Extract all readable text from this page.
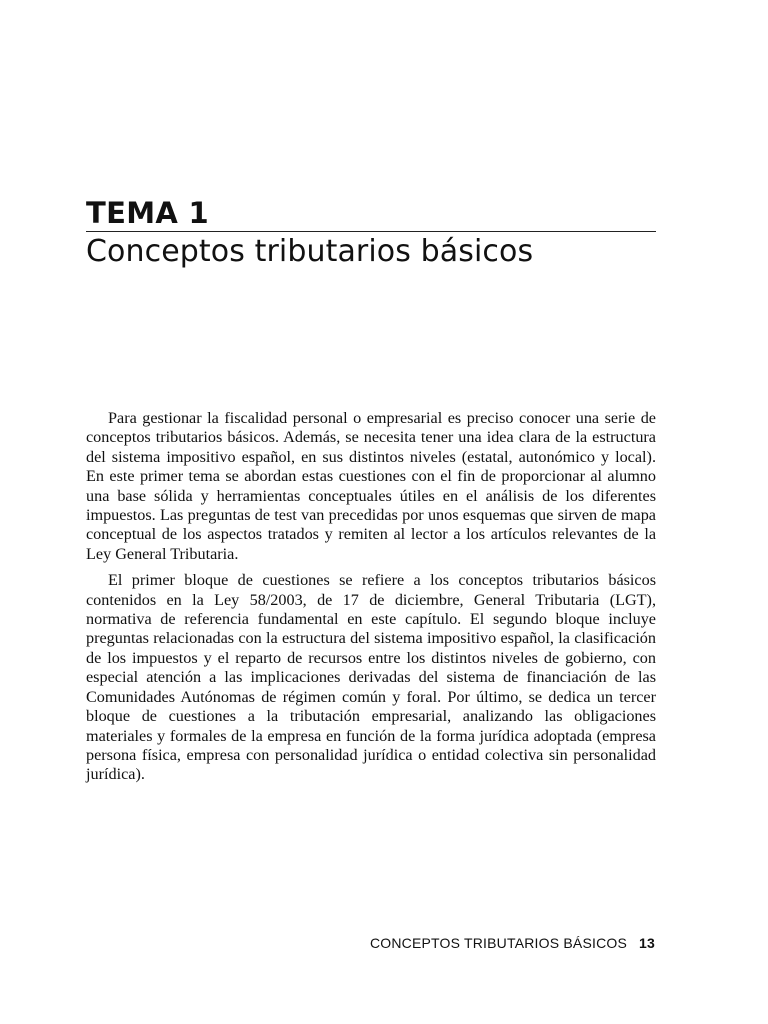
TEMA 1
Conceptos tributarios básicos

Para gestionar la fiscalidad personal o empresarial es preciso conocer una serie de conceptos tributarios básicos. Además, se necesita tener una idea clara de la estructura del sistema impositivo español, en sus distintos niveles (estatal, autonómico y local). En este primer tema se abordan estas cuestiones con el fin de proporcionar al alumno una base sólida y herramientas conceptuales útiles en el análisis de los diferentes impuestos. Las preguntas de test van precedidas por unos esquemas que sirven de mapa conceptual de los aspectos tratados y remiten al lector a los artículos relevantes de la Ley General Tributaria.

El primer bloque de cuestiones se refiere a los conceptos tributarios básicos contenidos en la Ley 58/2003, de 17 de diciembre, General Tributaria (LGT), normativa de referencia fundamental en este capítulo. El segundo bloque incluye preguntas relacionadas con la estructura del sistema impositivo español, la clasificación de los impuestos y el reparto de recursos entre los distintos niveles de gobierno, con especial atención a las implicaciones derivadas del sistema de financiación de las Comunidades Autónomas de régimen común y foral. Por último, se dedica un tercer bloque de cuestiones a la tributación empresarial, analizando las obligaciones materiales y formales de la empresa en función de la forma jurídica adoptada (empresa persona física, empresa con personalidad jurídica o entidad colectiva sin personalidad jurídica).

CONCEPTOS TRIBUTARIOS BÁSICOS 13
